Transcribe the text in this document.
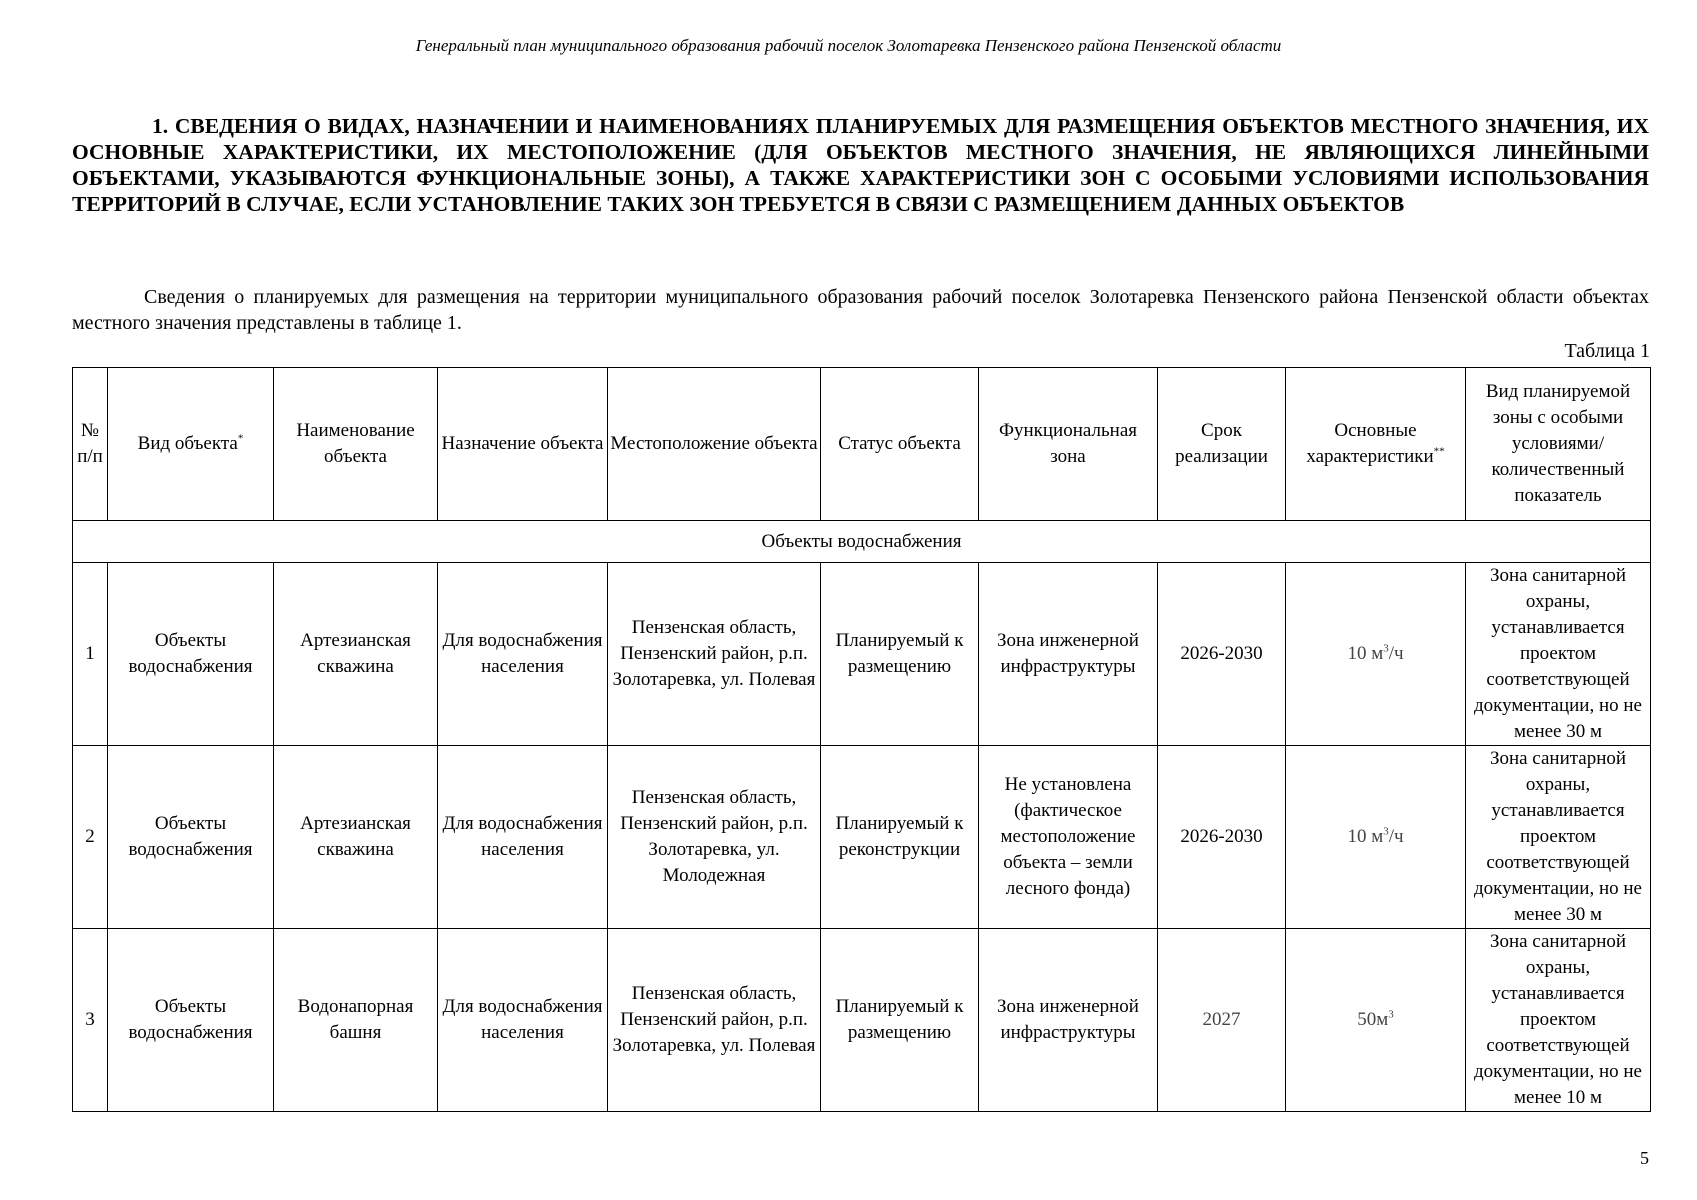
Генеральный план муниципального образования рабочий поселок Золотаревка Пензенского района Пензенской области
1. СВЕДЕНИЯ О ВИДАХ, НАЗНАЧЕНИИ И НАИМЕНОВАНИЯХ ПЛАНИРУЕМЫХ ДЛЯ РАЗМЕЩЕНИЯ ОБЪЕКТОВ МЕСТНОГО ЗНАЧЕНИЯ, ИХ ОСНОВНЫЕ ХАРАКТЕРИСТИКИ, ИХ МЕСТОПОЛОЖЕНИЕ (ДЛЯ ОБЪЕКТОВ МЕСТНОГО ЗНАЧЕНИЯ, НЕ ЯВЛЯЮЩИХСЯ ЛИНЕЙНЫМИ ОБЪЕКТАМИ, УКАЗЫВАЮТСЯ ФУНКЦИОНАЛЬНЫЕ ЗОНЫ), А ТАКЖЕ ХАРАКТЕРИСТИКИ ЗОН С ОСОБЫМИ УСЛОВИЯМИ ИСПОЛЬЗОВАНИЯ ТЕРРИТОРИЙ В СЛУЧАЕ, ЕСЛИ УСТАНОВЛЕНИЕ ТАКИХ ЗОН ТРЕБУЕТСЯ В СВЯЗИ С РАЗМЕЩЕНИЕМ ДАННЫХ ОБЪЕКТОВ
Сведения о планируемых для размещения на территории муниципального образования рабочий поселок Золотаревка Пензенского района Пензенской области объектах местного значения представлены в таблице 1.
Таблица 1
№ п/п	Вид объекта*	Наименование объекта	Назначение объекта	Местоположение объекта	Статус объекта	Функциональная зона	Срок реализации	Основные характеристики**	Вид планируемой зоны с особыми условиями/ количественный показатель
Объекты водоснабжения									
1	Объекты водоснабжения	Артезианская скважина	Для водоснабжения населения	Пензенская область, Пензенский район, р.п. Золотаревка, ул. Полевая	Планируемый к размещению	Зона инженерной инфраструктуры	2026-2030	10 $м^3/ч$	Зона санитарной охраны, устанавливается проектом соответствующей документации, но не менее 30 м
2	Объекты водоснабжения	Артезианская скважина	Для водоснабжения населения	Пензенская область, Пензенский район, р.п. Золотаревка, ул. Молодежная	Планируемый к реконструкции	Не установлена (фактическое местоположение объекта – земли лесного фонда)	2026-2030	10 $м^3/ч$	Зона санитарной охраны, устанавливается проектом соответствующей документации, но не менее 30 м
3	Объекты водоснабжения	Водонапорная башня	Для водоснабжения населения	Пензенская область, Пензенский район, р.п. Золотаревка, ул. Полевая	Планируемый к размещению	Зона инженерной инфраструктуры	2027	$50м^3$	Зона санитарной охраны, устанавливается проектом соответствующей документации, но не менее 10 м
5
